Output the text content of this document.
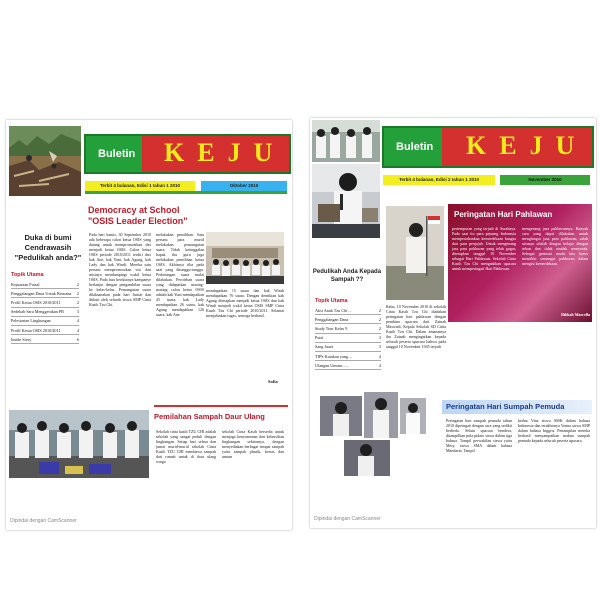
Buletin KEJU
Terbit 4 bulanan, Edisi 1 tahun 1 2010	Oktober 2010
Democracy at School
"OSIS Leader Election"
Pada hari kamis, 30 September 2010 ada beberapa calon ketua OSIS yang datang untuk mempromosikan diri menjadi ketua OSIS. Calon ketua OSIS periode 2010/2011 terdiri dari kak Ane, kak Yuni, kak Agung, kak Lady dan kak Windi. Mereka satu persatu mempromosikan visi dan misinya mendampingi wakil ketua OSIS. Pada hari berikutnya kampanye berlanjut dengan pengambilan suara ke kelas-kelas. Pemungutan suara dilaksanakan pada hari Jumat dan diikuti oleh seluruh siswa SMP Cinta Kasih Tzu Chi.
melakukan pemilihan. Satu persatu para murid melakukan pemungutan suara. Tidak ketinggalan bapak ibu guru juga melakukan pemilihan ketua OSIS. Akhirnya tiba pada saat yang ditunggu-tunggu. Perhitungan suara mulai dilakukan. Perolehan suara yang didapatkan masing-masing calon ketua OSIS adalah kak Yuni mendapatkan 45 suara, kak Lady mendapatkan 26 suara, kak Agung mendapatkan 126 suara, kak Ane
mendapatkan 15 suara dan kak Windi mendapatkan 76 suara. Dengan demikian kak Agung ditetapkan menjadi ketua OSIS dan kak Windi menjadi wakil ketua OSIS SMP Cinta Kasih Tzu Chi periode 2010/2011. Selamat menjalankan tugas, semoga berhasil.
Sofia
Duka di bumi
Cendrawasih
"Pedulikah anda?"
Topik Utama
Kejuaraan Futsal	2
Penggalangan Dana Untuk Bencana 2
Profil Ketua OSIS 2010/2011	2
Sedekah Sara Menggerakan PR	3
Pelestarian Lingkungan	4
Profil Ketua OSIS 2010/2011	4
Inside Story	6
Pemilahan Sampah Daur Ulang
Sekolah cinta kasih TZU CHI adalah sekolah yang sangat peduli dengan lingkungan. Setiap hari selasa dan jumat murid-murid sekolah Cinta Kasih TZU CHI membawa sampah dari rumah untuk di daur ulang warga
sekolah Cinta Kasih bersedia untuk menjaga kenyamanan dan kebersihan lingkungan sekitarnya, dengan menyediakan berbagai tempat sampah yaitu sampah plastik, kertas dan umum
Dipindai dengan CamScanner
Buletin KEJU
Terbit 4 bulanan, Edisi 2 tahun 1 2010	November 2010
Pedulikah Anda Kepada
Sampah ??
Topik Utama
Aksi Anak Tzu Chi ...	2
Penggalangan Dana	2
Study Tour Kelas 9	2
Puisi	3
Sang Juara	3
TIPS Kutakan yang ...	4
Ulangan Umum ......	4
Peringatan Hari Pahlawan
pertempuran yang terjadi di Surabaya. Pada saat itu para pejuang Indonesia mempertahankan kemerdekaan bangsa dari para penjajah. Untuk mengenang jasa para pahlawan yang telah gugur, ditetapkan tanggal 10 November sebagai Hari Pahlawan. Sekolah Cinta Kasih Tzu Chi mengadakan upacara untuk memperingati Hari Pahlawan.
mengenang jasa pahlawannya. Banyak cara yang dapat dilakukan untuk menghargai jasa para pahlawan, salah satunya adalah dengan belajar dengan tekun dan tidak mudah menyerah. Sebagai generasi muda kita harus memiliki semangat pahlawan dalam mengisi kemerdekaan.
Ribkah Marcella
Rabu, 10 November 2010 di sekolah Cinta Kasih Tzu Chi diadakan peringatan hari pahlawan dengan pembina upacara dari Zainab Maswadi, Kepala Sekolah SD Cinta Kasih Tzu Chi. Dalam amanatnya ibu Zainab mengingatkan kepada seluruh peserta upacara bahwa pada tanggal 10 November 1945 terjadi
Peringatan Hari Sumpah Pemuda
Peringatan hari sumpah pemuda tahun 2010 dipeingati dengan cara yang sedikit berbeda. Selain upacara bendera, ditampilkan pula pidato siswa dalam tiga bahasa. Tampil perwakilan siswa yaitu Meiy, siswa SMA dalam bahasa Mandarin, Tampil
kedua Vina siswa SMK dalam bahasa Indonesia dan terakhirnya Vonna siswa SMP dalam bahasa Inggris. Penampilan mereka berhasil menyampaikan makna sumpah pemuda kepada seluruh peserta upacara.
Dipindai dengan CamScanner
